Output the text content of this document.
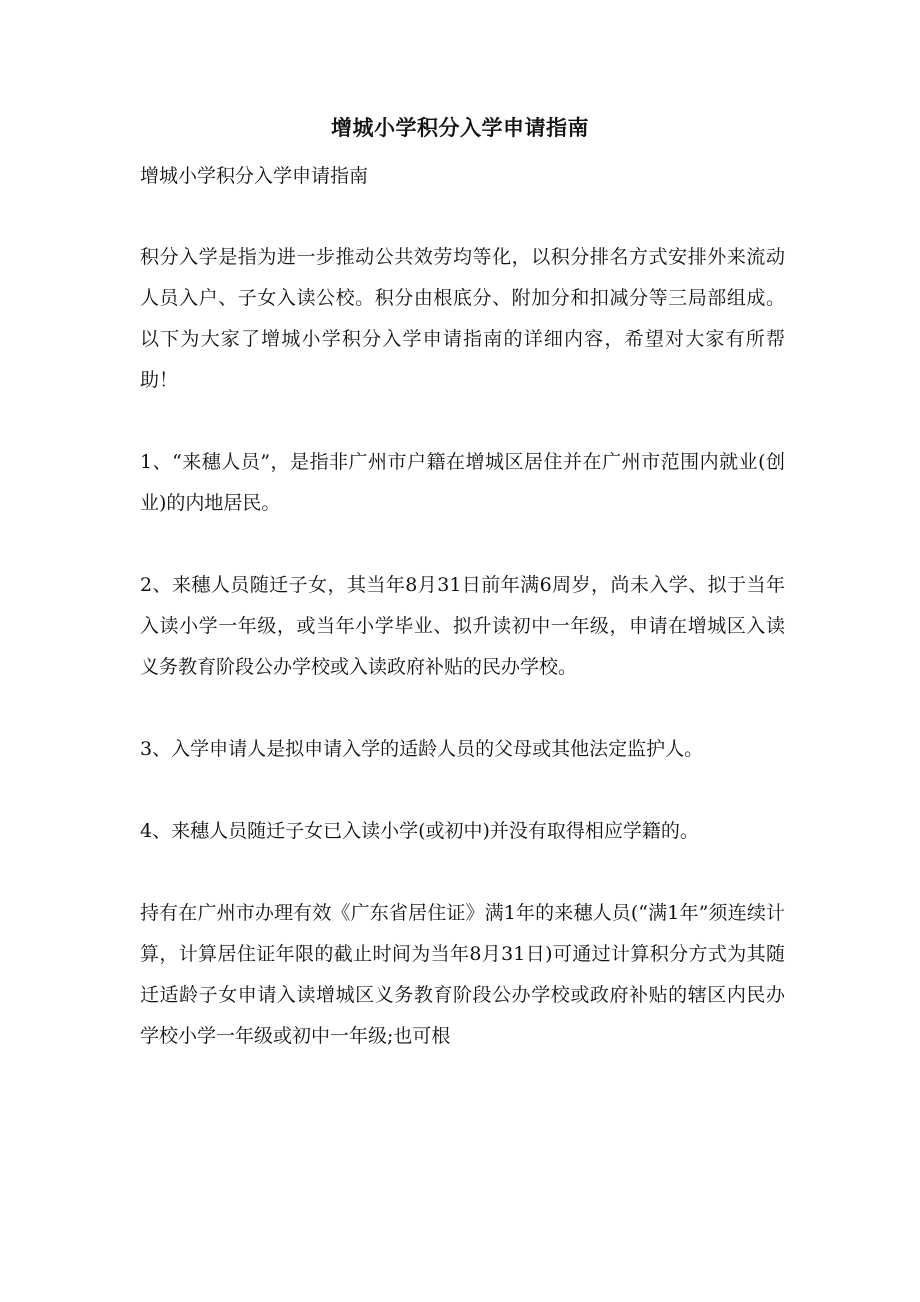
增城小学积分入学申请指南

增城小学积分入学申请指南

积分入学是指为进一步推动公共效劳均等化，以积分排名方式安排外来流动人员入户、子女入读公校。积分由根底分、附加分和扣减分等三局部组成。以下为大家了增城小学积分入学申请指南的详细内容，希望对大家有所帮助！

1、“来穗人员”，是指非广州市户籍在增城区居住并在广州市范围内就业(创业)的内地居民。

2、来穗人员随迁子女，其当年8月31日前年满6周岁，尚未入学、拟于当年入读小学一年级，或当年小学毕业、拟升读初中一年级，申请在增城区入读义务教育阶段公办学校或入读政府补贴的民办学校。

3、入学申请人是拟申请入学的适龄人员的父母或其他法定监护人。

4、来穗人员随迁子女已入读小学(或初中)并没有取得相应学籍的。

持有在广州市办理有效《广东省居住证》满1年的来穗人员(“满1年”须连续计算，计算居住证年限的截止时间为当年8月31日)可通过计算积分方式为其随迁适龄子女申请入读增城区义务教育阶段公办学校或政府补贴的辖区内民办学校小学一年级或初中一年级;也可根
